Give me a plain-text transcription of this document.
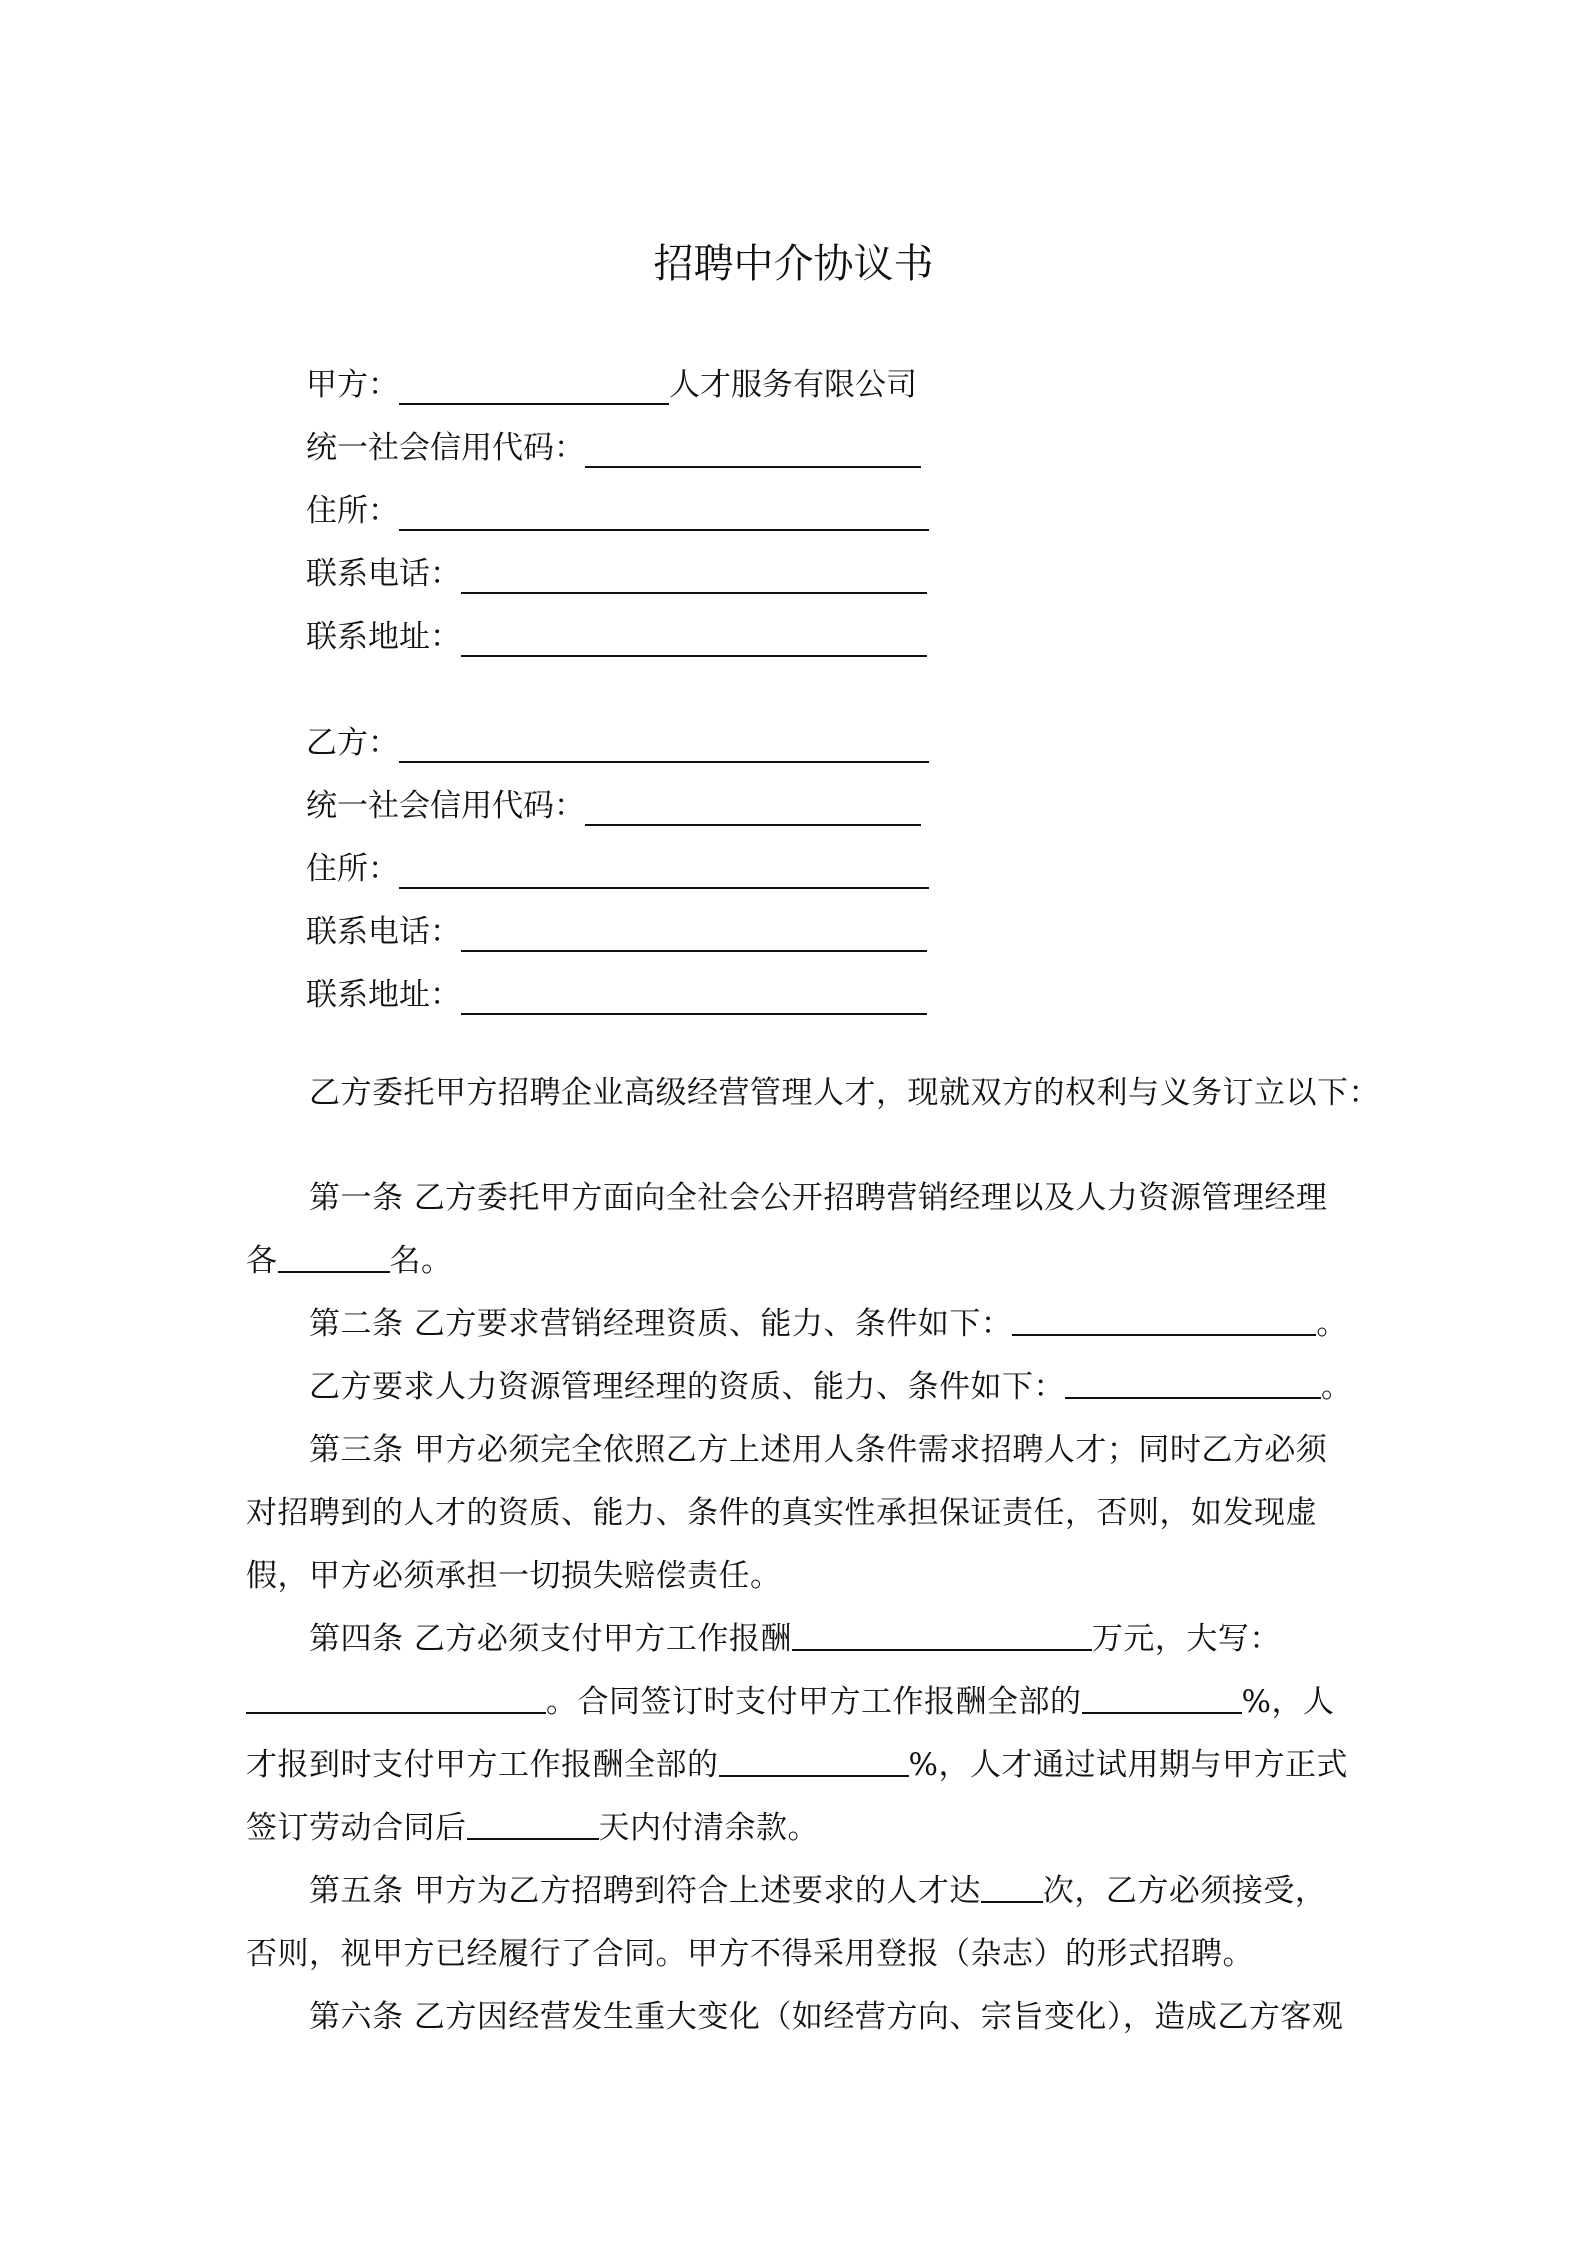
招聘中介协议书
甲方：	人才服务有限公司
统一社会信用代码：
住所：
联系电话：
联系地址：
乙方：
统一社会信用代码：
住所：
联系电话：
联系地址：
乙方委托甲方招聘企业高级经营管理人才，现就双方的权利与义务订立以下：
第一条 乙方委托甲方面向全社会公开招聘营销经理以及人力资源管理经理
各	名。
第二条 乙方要求营销经理资质、能力、条件如下：	。
乙方要求人力资源管理经理的资质、能力、条件如下：	。
第三条 甲方必须完全依照乙方上述用人条件需求招聘人才；同时乙方必须对招聘到的人才的资质、能力、条件的真实性承担保证责任，否则，如发现虚假，甲方必须承担一切损失赔偿责任。
第四条 乙方必须支付甲方工作报酬	万元，大写：。合同签订时支付甲方工作报酬全部的	%，人才报到时支付甲方工作报酬全部的	%，人才通过试用期与甲方正式签订劳动合同后	天内付清余款。
第五条 甲方为乙方招聘到符合上述要求的人才达 次，乙方必须接受，否则，视甲方已经履行了合同。甲方不得采用登报（杂志）的形式招聘。
第六条 乙方因经营发生重大变化（如经营方向、宗旨变化），造成乙方客观
